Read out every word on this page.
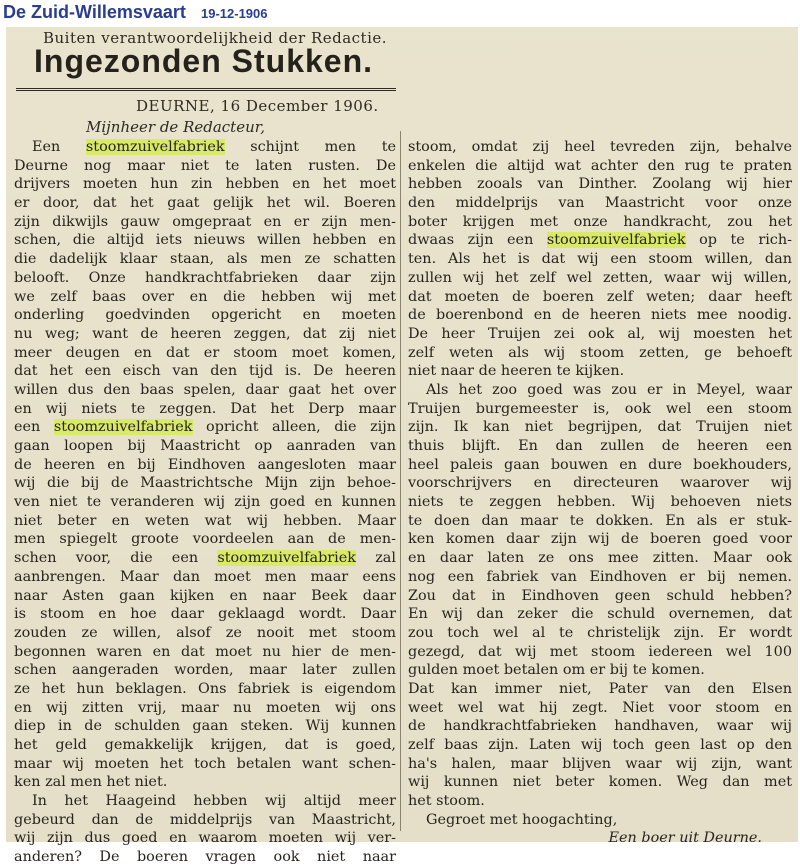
De Zuid-Willemsvaart 19-12-1906
Buiten verantwoordelijkheid der Redactie.
Ingezonden Stukken.
DEURNE, 16 December 1906.
Mijnheer de Redacteur,
Een stoomzuivelfabriek schijnt men te
Deurne nog maar niet te laten rusten. De
drijvers moeten hun zin hebben en het moet
er door, dat het gaat gelijk het wil. Boeren
zijn dikwijls gauw omgepraat en er zijn men-
schen, die altijd iets nieuws willen hebben en
die dadelijk klaar staan, als men ze schatten
belooft. Onze handkrachtfabrieken daar zijn
we zelf baas over en die hebben wij met
onderling goedvinden opgericht en moeten
nu weg; want de heeren zeggen, dat zij niet
meer deugen en dat er stoom moet komen,
dat het een eisch van den tijd is. De heeren
willen dus den baas spelen, daar gaat het over
en wij niets te zeggen. Dat het Derp maar
een stoomzuivelfabriek opricht alleen, die zijn
gaan loopen bij Maastricht op aanraden van
de heeren en bij Eindhoven aangesloten maar
wij die bij de Maastrichtsche Mijn zijn behoe-
ven niet te veranderen wij zijn goed en kunnen
niet beter en weten wat wij hebben. Maar
men spiegelt groote voordeelen aan de men-
schen voor, die een stoomzuivelfabriek zal
aanbrengen. Maar dan moet men maar eens
naar Asten gaan kijken en naar Beek daar
is stoom en hoe daar geklaagd wordt. Daar
zouden ze willen, alsof ze nooit met stoom
begonnen waren en dat moet nu hier de men-
schen aangeraden worden, maar later zullen
ze het hun beklagen. Ons fabriek is eigendom
en wij zitten vrij, maar nu moeten wij ons
diep in de schulden gaan steken. Wij kunnen
het geld gemakkelijk krijgen, dat is goed,
maar wij moeten het toch betalen want schen-
ken zal men het niet.
In het Haageind hebben wij altijd meer
gebeurd dan de middelprijs van Maastricht,
wij zijn dus goed en waarom moeten wij ver-
anderen? De boeren vragen ook niet naar
stoom, omdat zij heel tevreden zijn, behalve
enkelen die altijd wat achter den rug te praten
hebben zooals van Dinther. Zoolang wij hier
den middelprijs van Maastricht voor onze
boter krijgen met onze handkracht, zou het
dwaas zijn een stoomzuivelfabriek op te rich-
ten. Als het is dat wij een stoom willen, dan
zullen wij het zelf wel zetten, waar wij willen,
dat moeten de boeren zelf weten; daar heeft
de boerenbond en de heeren niets mee noodig.
De heer Truijen zei ook al, wij moesten het
zelf weten als wij stoom zetten, ge behoeft
niet naar de heeren te kijken.
Als het zoo goed was zou er in Meyel, waar
Truijen burgemeester is, ook wel een stoom
zijn. Ik kan niet begrijpen, dat Truijen niet
thuis blijft. En dan zullen de heeren een
heel paleis gaan bouwen en dure boekhouders,
voorschrijvers en directeuren waarover wij
niets te zeggen hebben. Wij behoeven niets
te doen dan maar te dokken. En als er stuk-
ken komen daar zijn wij de boeren goed voor
en daar laten ze ons mee zitten. Maar ook
nog een fabriek van Eindhoven er bij nemen.
Zou dat in Eindhoven geen schuld hebben?
En wij dan zeker die schuld overnemen, dat
zou toch wel al te christelijk zijn. Er wordt
gezegd, dat wij met stoom iedereen wel 100
gulden moet betalen om er bij te komen.
Dat kan immer niet, Pater van den Elsen
weet wel wat hij zegt. Niet voor stoom en
de handkrachtfabrieken handhaven, waar wij
zelf baas zijn. Laten wij toch geen last op den
ha's halen, maar blijven waar wij zijn, want
wij kunnen niet beter komen. Weg dan met
het stoom.
Gegroet met hoogachting,
Een boer uit Deurne.
